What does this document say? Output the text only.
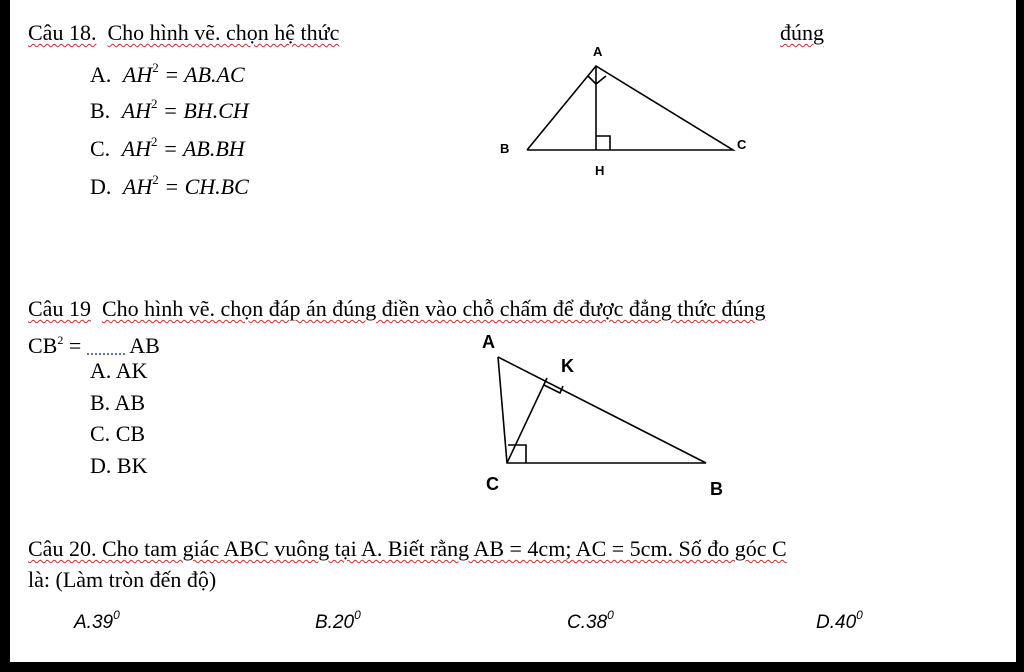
Câu 18. Cho hình vẽ. chọn hệ thức	đúng
A. $AH^2 = AB.AC$
B. $AH^2 = BH.CH$
C. $AH^2 = AB.BH$
D. $AH^2 = CH.BC$
A
B	C
H
Câu 19 Cho hình vẽ. chọn đáp án đúng điền vào chỗ chấm để được đẳng thức đúng
$CB^2$ = AB
A. AK
B. AB
C. CB
D. BK
A
K
C	B
Câu 20. Cho tam giác ABC vuông tại A. Biết rằng AB = 4cm; AC = 5cm. Số đo góc C
là: (Làm tròn đến độ)
$A.39^0$	$B.20^0$	$C.38^0$	$D.40^0$
